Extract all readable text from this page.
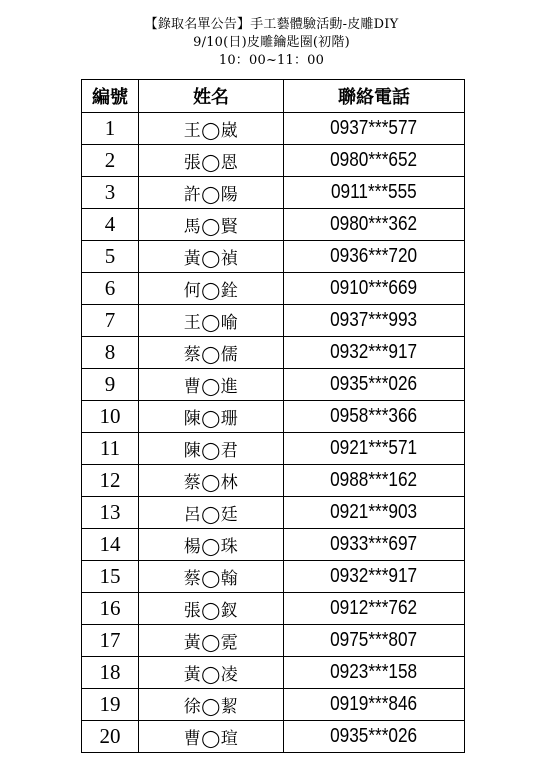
【錄取名單公告】手工藝體驗活動-皮雕DIY
9/10(日)皮雕鑰匙圈(初階)
10：00~11：00
編號	姓名	聯絡電話
1	王◯崴	0937***577
2	張◯恩	0980***652
3	許◯陽	0911***555
4	馬◯賢	0980***362
5	黃◯禎	0936***720
6	何◯銓	0910***669
7	王◯喻	0937***993
8	蔡◯儒	0932***917
9	曹◯進	0935***026
10	陳◯珊	0958***366
11	陳◯君	0921***571
12	蔡◯林	0988***162
13	呂◯廷	0921***903
14	楊◯珠	0933***697
15	蔡◯翰	0932***917
16	張◯釵	0912***762
17	黃◯霓	0975***807
18	黃◯凌	0923***158
19	徐◯絜	0919***846
20	曹◯瑄	0935***026
